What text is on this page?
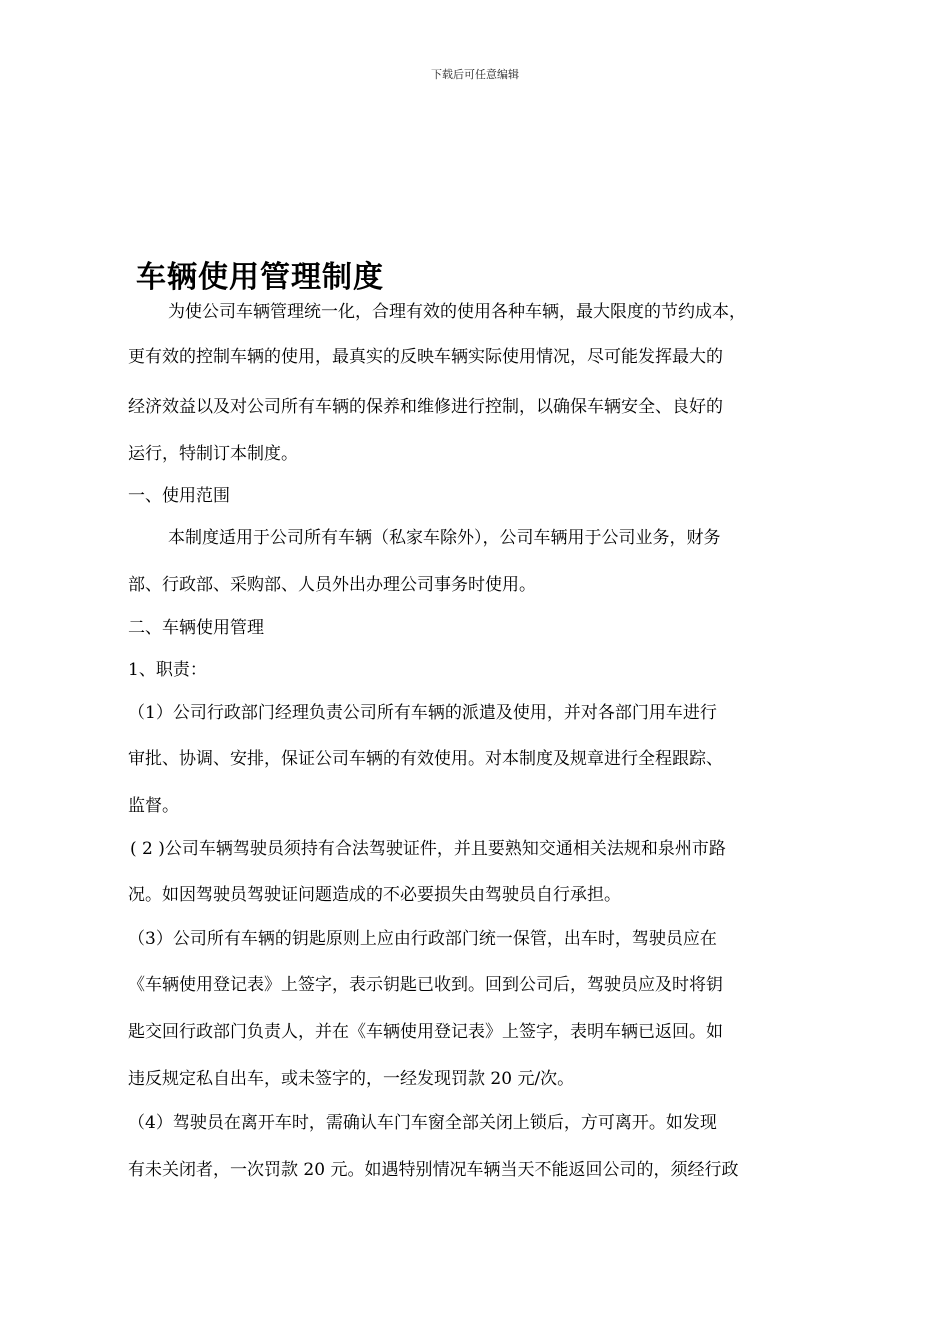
下载后可任意编辑
车辆使用管理制度
为使公司车辆管理统一化，合理有效的使用各种车辆，最大限度的节约成本，
更有效的控制车辆的使用，最真实的反映车辆实际使用情况，尽可能发挥最大的
经济效益以及对公司所有车辆的保养和维修进行控制，以确保车辆安全、良好的
运行，特制订本制度。
一、使用范围
本制度适用于公司所有车辆（私家车除外），公司车辆用于公司业务，财务
部、行政部、采购部、人员外出办理公司事务时使用。
二、车辆使用管理
1、职责：
（1）公司行政部门经理负责公司所有车辆的派遣及使用，并对各部门用车进行
审批、协调、安排，保证公司车辆的有效使用。对本制度及规章进行全程跟踪、
监督。
( 2 )公司车辆驾驶员须持有合法驾驶证件，并且要熟知交通相关法规和泉州市路
况。如因驾驶员驾驶证问题造成的不必要损失由驾驶员自行承担。
（3）公司所有车辆的钥匙原则上应由行政部门统一保管，出车时，驾驶员应在
《车辆使用登记表》上签字，表示钥匙已收到。回到公司后，驾驶员应及时将钥
匙交回行政部门负责人，并在《车辆使用登记表》上签字，表明车辆已返回。如
违反规定私自出车，或未签字的，一经发现罚款 20 元/次。
（4）驾驶员在离开车时，需确认车门车窗全部关闭上锁后，方可离开。如发现
有未关闭者，一次罚款 20 元。如遇特别情况车辆当天不能返回公司的，须经行政
